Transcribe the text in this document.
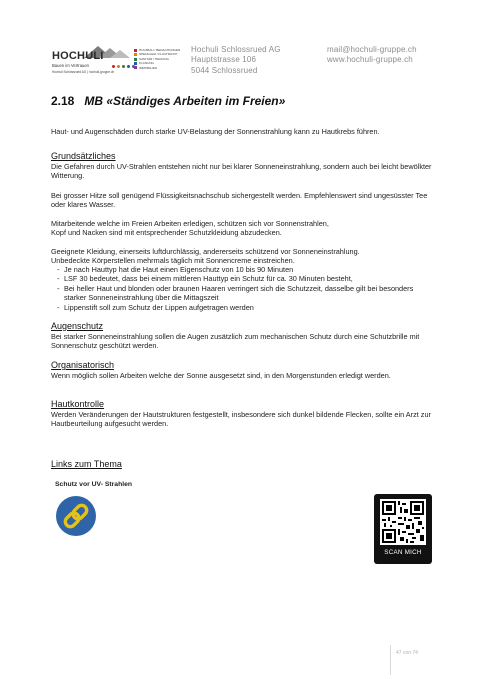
HOCHULI
Bauen im Vertrauen
Hochuli Schlossrued AG | hochuli-gruppe.ch
HOLZBAU / BEDACHUNGEN
SPENGLER / FLACHDACH
SANITÄR / HEIZUNG
PLANUNG
IMMOBILIEN
Hochuli Schlossrued AG
Hauptstrasse 106
5044 Schlossrued
mail@hochuli-gruppe.ch
www.hochuli-gruppe.ch
2.18 MB «Ständiges Arbeiten im Freien»
Haut- und Augenschäden durch starke UV-Belastung der Sonnenstrahlung kann zu Hautkrebs führen.
Grundsätzliches
Die Gefahren durch UV-Strahlen entstehen nicht nur bei klarer Sonneneinstrahlung, sondern auch bei leicht bewölkter Witterung.
Bei grosser Hitze soll genügend Flüssigkeitsnachschub sichergestellt werden. Empfehlenswert sind ungesüsster Tee oder klares Wasser.
Mitarbeitende welche im Freien Arbeiten erledigen, schützen sich vor Sonnenstrahlen,
Kopf und Nacken sind mit entsprechender Schutzkleidung abzudecken.
Geeignete Kleidung, einerseits luftdurchlässig, andererseits schützend vor Sonneneinstrahlung.
Unbedeckte Körperstellen mehrmals täglich mit Sonnencreme einstreichen.
- Je nach Hauttyp hat die Haut einen Eigenschutz von 10 bis 90 Minuten
- LSF 30 bedeutet, dass bei einem mittleren Hauttyp ein Schutz für ca. 30 Minuten besteht,
- Bei heller Haut und blonden oder braunen Haaren verringert sich die Schutzzeit, dasselbe gilt bei besonders starker Sonneneinstrahlung über die Mittagszeit
- Lippenstift soll zum Schutz der Lippen aufgetragen werden
Augenschutz
Bei starker Sonneneinstrahlung sollen die Augen zusätzlich zum mechanischen Schutz durch eine Schutzbrille mit Sonnenschutz geschützt werden.
Organisatorisch
Wenn möglich sollen Arbeiten welche der Sonne ausgesetzt sind, in den Morgenstunden erledigt werden.
Hautkontrolle
Werden Veränderungen der Hautstrukturen festgestellt, insbesondere sich dunkel bildende Flecken, sollte ein Arzt zur Hautbeurteilung aufgesucht werden.
Links zum Thema
Schutz vor UV- Strahlen
SCAN MICH
47 von 74
